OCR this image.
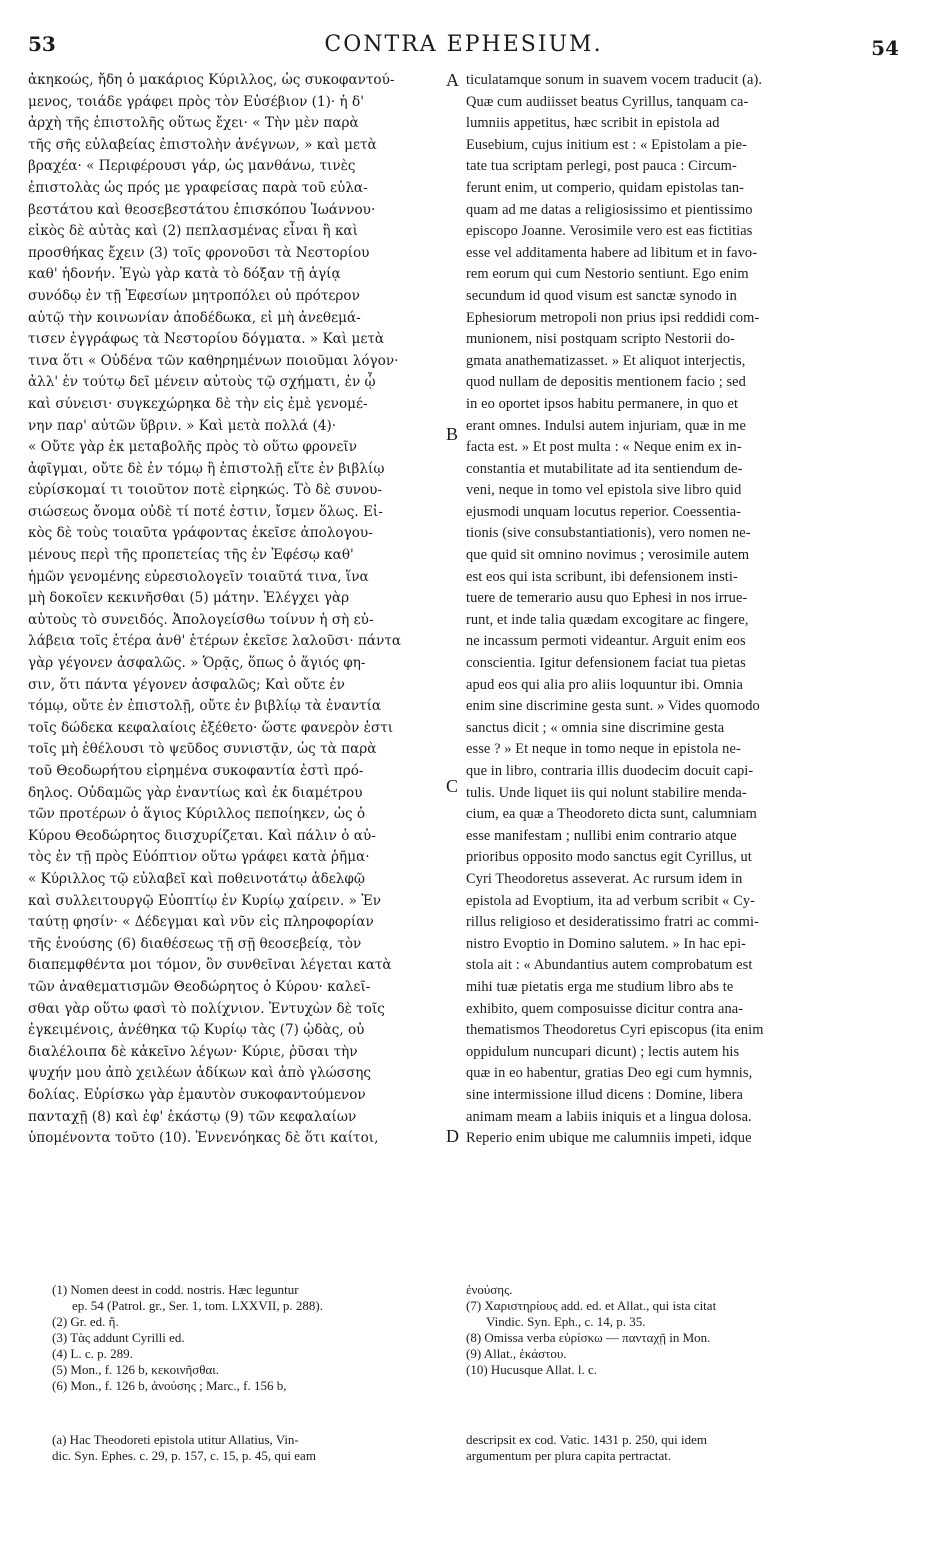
53	CONTRA EPHESIUM.	54
ἀκηκοώς, ἤδη ὁ μακάριος Κύριλλος, ὡς συκοφαντού-
μενος, τοιάδε γράφει πρὸς τὸν Εὐσέβιον (1)· ἡ δ'
ἀρχὴ τῆς ἐπιστολῆς οὕτως ἔχει· « Τὴν μὲν παρὰ
τῆς σῆς εὐλαβείας ἐπιστολὴν ἀνέγνων, » καὶ μετὰ
βραχέα· « Περιφέρουσι γάρ, ὡς μανθάνω, τινὲς
ἐπιστολὰς ὡς πρός με γραφείσας παρὰ τοῦ εὐλα-
βεστάτου καὶ θεοσεβεστάτου ἐπισκόπου Ἰωάννου·
εἰκὸς δὲ αὐτὰς καὶ (2) πεπλασμένας εἶναι ἢ καὶ
προσθήκας ἔχειν (3) τοῖς φρονοῦσι τὰ Νεστορίου
καθ' ἡδονήν. Ἐγὼ γὰρ κατὰ τὸ δόξαν τῇ ἁγίᾳ
συνόδῳ ἐν τῇ Ἐφεσίων μητροπόλει οὐ πρότερον
αὐτῷ τὴν κοινωνίαν ἀποδέδωκα, εἰ μὴ ἀνεθεμά-
τισεν ἐγγράφως τὰ Νεστορίου δόγματα. » Καὶ μετὰ
τινα ὅτι « Οὐδένα τῶν καθηρημένων ποιοῦμαι λόγον·
ἀλλ' ἐν τούτῳ δεῖ μένειν αὐτοὺς τῷ σχήματι, ἐν ᾧ
καὶ σύνεισι· συγκεχώρηκα δὲ τὴν εἰς ἐμὲ γενομέ-
νην παρ' αὐτῶν ὕβριν. » Καὶ μετὰ πολλά (4)·
« Οὔτε γὰρ ἐκ μεταβολῆς πρὸς τὸ οὕτω φρονεῖν
ἀφῖγμαι, οὔτε δὲ ἐν τόμῳ ἢ ἐπιστολῇ εἴτε ἐν βιβλίῳ
εὑρίσκομαί τι τοιοῦτον ποτὲ εἰρηκώς. Τὸ δὲ συνου-
σιώσεως ὄνομα οὐδὲ τί ποτέ ἐστιν, ἴσμεν ὅλως. Εἰ-
κὸς δὲ τοὺς τοιαῦτα γράφοντας ἐκεῖσε ἀπολογου-
μένους περὶ τῆς προπετείας τῆς ἐν Ἐφέσῳ καθ'
ἡμῶν γενομένης εὑρεσιολογεῖν τοιαῦτά τινα, ἵνα
μὴ δοκοῖεν κεκινῆσθαι (5) μάτην. Ἐλέγχει γὰρ
αὐτοὺς τὸ συνειδός. Ἀπολογείσθω τοίνυν ἡ σὴ εὐ-
λάβεια τοῖς ἐτέρα ἀνθ' ἑτέρων ἐκεῖσε λαλοῦσι· πάντα
γὰρ γέγονεν ἀσφαλῶς. » Ὁρᾷς, ὅπως ὁ ἅγιός φη-
σιν, ὅτι πάντα γέγονεν ἀσφαλῶς; Καὶ οὔτε ἐν
τόμῳ, οὔτε ἐν ἐπιστολῇ, οὔτε ἐν βιβλίῳ τὰ ἐναντία
τοῖς δώδεκα κεφαλαίοις ἐξέθετο· ὥστε φανερὸν ἐστι
τοῖς μὴ ἐθέλουσι τὸ ψεῦδος συνιστᾷν, ὡς τὰ παρὰ
τοῦ Θεοδωρήτου εἰρημένα συκοφαντία ἐστὶ πρό-
δηλος. Οὐδαμῶς γὰρ ἐναντίως καὶ ἐκ διαμέτρου
τῶν προτέρων ὁ ἅγιος Κύριλλος πεποίηκεν, ὡς ὁ
Κύρου Θεοδώρητος διισχυρίζεται. Καὶ πάλιν ὁ αὐ-
τὸς ἐν τῇ πρὸς Εὐόπτιον οὕτω γράφει κατὰ ῥῆμα·
« Κύριλλος τῷ εὐλαβεῖ καὶ ποθεινοτάτῳ ἀδελφῷ
καὶ συλλειτουργῷ Εὐοπτίῳ ἐν Κυρίῳ χαίρειν. » Ἐν
ταύτῃ φησίν· « Δέδεγμαι καὶ νῦν εἰς πληροφορίαν
τῆς ἑνούσης (6) διαθέσεως τῇ σῇ θεοσεβείᾳ, τὸν
διαπεμφθέντα μοι τόμον, ὃν συνθεῖναι λέγεται κατὰ
τῶν ἀναθεματισμῶν Θεοδώρητος ὁ Κύρου· καλεῖ-
σθαι γὰρ οὕτω φασὶ τὸ πολίχνιον. Ἐντυχὼν δὲ τοῖς
ἐγκειμένοις, ἀνέθηκα τῷ Κυρίῳ τὰς (7) ᾠδὰς, οὐ
διαλέλοιπα δὲ κἀκεῖνο λέγων· Κύριε, ῥῦσαι τὴν
ψυχήν μου ἀπὸ χειλέων ἀδίκων καὶ ἀπὸ γλώσσης
δολίας. Εὑρίσκω γὰρ ἐμαυτὸν συκοφαντούμενον
πανταχῇ (8) καὶ ἐφ' ἑκάστῳ (9) τῶν κεφαλαίων
ὑπομένοντα τοῦτο (10). Ἐννενόηκας δὲ ὅτι καίτοι,
ticulatamque sonum in suavem vocem traducit (a).
Quæ cum audiisset beatus Cyrillus, tanquam ca-
lumniis appetitus, hæc scribit in epistola ad
Eusebium, cujus initium est : « Epistolam a pie-
tate tua scriptam perlegi, post pauca : Circum-
ferunt enim, ut comperio, quidam epistolas tan-
quam ad me datas a religiosissimo et pientissimo
episcopo Joanne. Verosimile vero est eas fictitias
esse vel additamenta habere ad libitum et in favo-
rem eorum qui cum Nestorio sentiunt. Ego enim
secundum id quod visum est sanctæ synodo in
Ephesiorum metropoli non prius ipsi reddidi com-
munionem, nisi postquam scripto Nestorii do-
gmata anathematizasset. » Et aliquot interjectis,
quod nullam de depositis mentionem facio ; sed
in eo oportet ipsos habitu permanere, in quo et
erant omnes. Indulsi autem injuriam, quæ in me
facta est. » Et post multa : « Neque enim ex in-
constantia et mutabilitate ad ita sentiendum de-
veni, neque in tomo vel epistola sive libro quid
ejusmodi unquam locutus reperior. Coessentia-
tionis (sive consubstantiationis), vero nomen ne-
que quid sit omnino novimus ; verosimile autem
est eos qui ista scribunt, ibi defensionem insti-
tuere de temerario ausu quo Ephesi in nos irrue-
runt, et inde talia quædam excogitare ac fingere,
ne incassum permoti videantur. Arguit enim eos
conscientia. Igitur defensionem faciat tua pietas
apud eos qui alia pro aliis loquuntur ibi. Omnia
enim sine discrimine gesta sunt. » Vides quomodo
sanctus dicit ; « omnia sine discrimine gesta
esse ? » Et neque in tomo neque in epistola ne-
que in libro, contraria illis duodecim docuit capi-
tulis. Unde liquet iis qui nolunt stabilire menda-
cium, ea quæ a Theodoreto dicta sunt, calumniam
esse manifestam ; nullibi enim contrario atque
prioribus opposito modo sanctus egit Cyrillus, ut
Cyri Theodoretus asseverat. Ac rursum idem in
epistola ad Evoptium, ita ad verbum scribit « Cy-
rillus religioso et desideratissimo fratri ac commi-
nistro Evoptio in Domino salutem. » In hac epi-
stola ait : « Abundantius autem comprobatum est
mihi tuæ pietatis erga me studium libro abs te
exhibito, quem composuisse dicitur contra ana-
thematismos Theodoretus Cyri episcopus (ita enim
oppidulum nuncupari dicunt) ; lectis autem his
quæ in eo habentur, gratias Deo egi cum hymnis,
sine intermissione illud dicens : Domine, libera
animam meam a labiis iniquis et a lingua dolosa.
Reperio enim ubique me calumniis impeti, idque
A
B
C
D
(1) Nomen deest in codd. nostris. Hæc leguntur
ep. 54 (Patrol. gr., Ser. 1, tom. LXXVII, p. 288).
(2) Gr. ed. ἤ.
(3) Τὰς addunt Cyrilli ed.
(4) L. c. p. 289.
(5) Mon., f. 126 b, κεκοινῆσθαι.
(6) Mon., f. 126 b, ἀνούσης ; Marc., f. 156 b,
ἐνούσης.
(7) Χαριστηρίους add. ed. et Allat., qui ista citat
Vindic. Syn. Eph., c. 14, p. 35.
(8) Omissa verba εὑρίσκω — πανταχῇ in Mon.
(9) Allat., ἑκάστου.
(10) Hucusque Allat. l. c.
(a) Hac Theodoreti epistola utitur Allatius, Vin-
dic. Syn. Ephes. c. 29, p. 157, c. 15, p. 45, qui eam
descripsit ex cod. Vatic. 1431 p. 250, qui idem
argumentum per plura capita pertractat.
